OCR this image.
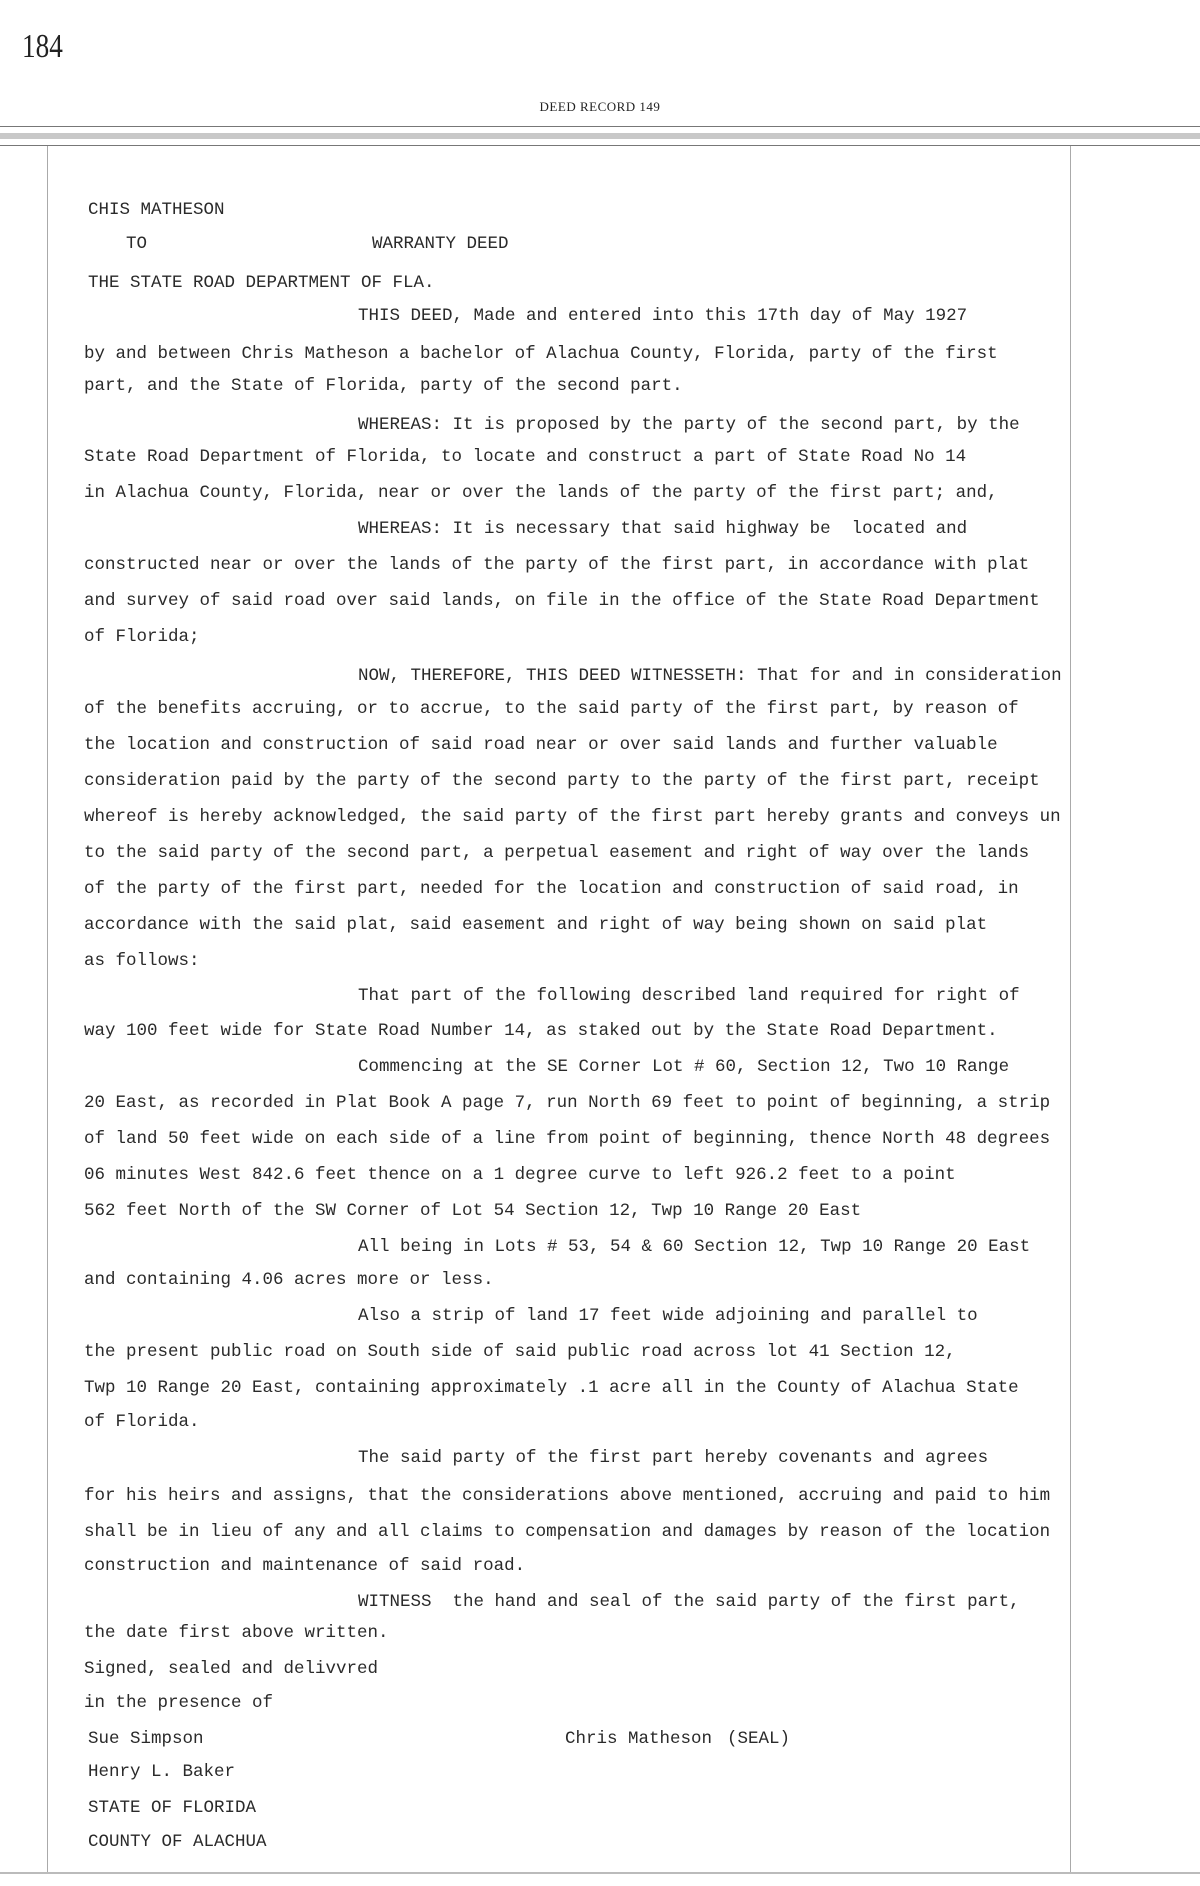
184
DEED RECORD 149
CHIS MATHESON
TO	WARRANTY DEED
THE STATE ROAD DEPARTMENT OF FLA.
Sue Simpson	Chris Matheson (SEAL)
Henry L. Baker
STATE OF FLORIDA
COUNTY OF ALACHUA
THIS DEED, Made and entered into this 17th day of May 1927
by and between Chris Matheson a bachelor of Alachua County, Florida, party of the first
part, and the State of Florida, party of the second part.
WHEREAS: It is proposed by the party of the second part, by the
State Road Department of Florida, to locate and construct a part of State Road No 14
in Alachua County, Florida, near or over the lands of the party of the first part; and,
WHEREAS: It is necessary that said highway be  located and
constructed near or over the lands of the party of the first part, in accordance with plat
and survey of said road over said lands, on file in the office of the State Road Department
of Florida;
NOW, THEREFORE, THIS DEED WITNESSETH: That for and in consideration
of the benefits accruing, or to accrue, to the said party of the first part, by reason of
the location and construction of said road near or over said lands and further valuable
consideration paid by the party of the second party to the party of the first part, receipt
whereof is hereby acknowledged, the said party of the first part hereby grants and conveys un
to the said party of the second part, a perpetual easement and right of way over the lands
of the party of the first part, needed for the location and construction of said road, in
accordance with the said plat, said easement and right of way being shown on said plat
as follows:
That part of the following described land required for right of
way 100 feet wide for State Road Number 14, as staked out by the State Road Department.
Commencing at the SE Corner Lot # 60, Section 12, Two 10 Range
20 East, as recorded in Plat Book A page 7, run North 69 feet to point of beginning, a strip
of land 50 feet wide on each side of a line from point of beginning, thence North 48 degrees
06 minutes West 842.6 feet thence on a 1 degree curve to left 926.2 feet to a point
562 feet North of the SW Corner of Lot 54 Section 12, Twp 10 Range 20 East
All being in Lots # 53, 54 & 60 Section 12, Twp 10 Range 20 East
and containing 4.06 acres more or less.
Also a strip of land 17 feet wide adjoining and parallel to
the present public road on South side of said public road across lot 41 Section 12,
Twp 10 Range 20 East, containing approximately .1 acre all in the County of Alachua State
of Florida.
The said party of the first part hereby covenants and agrees
for his heirs and assigns, that the considerations above mentioned, accruing and paid to him
shall be in lieu of any and all claims to compensation and damages by reason of the location
construction and maintenance of said road.
WITNESS  the hand and seal of the said party of the first part,
the date first above written.
Signed, sealed and delivvred
in the presence of
